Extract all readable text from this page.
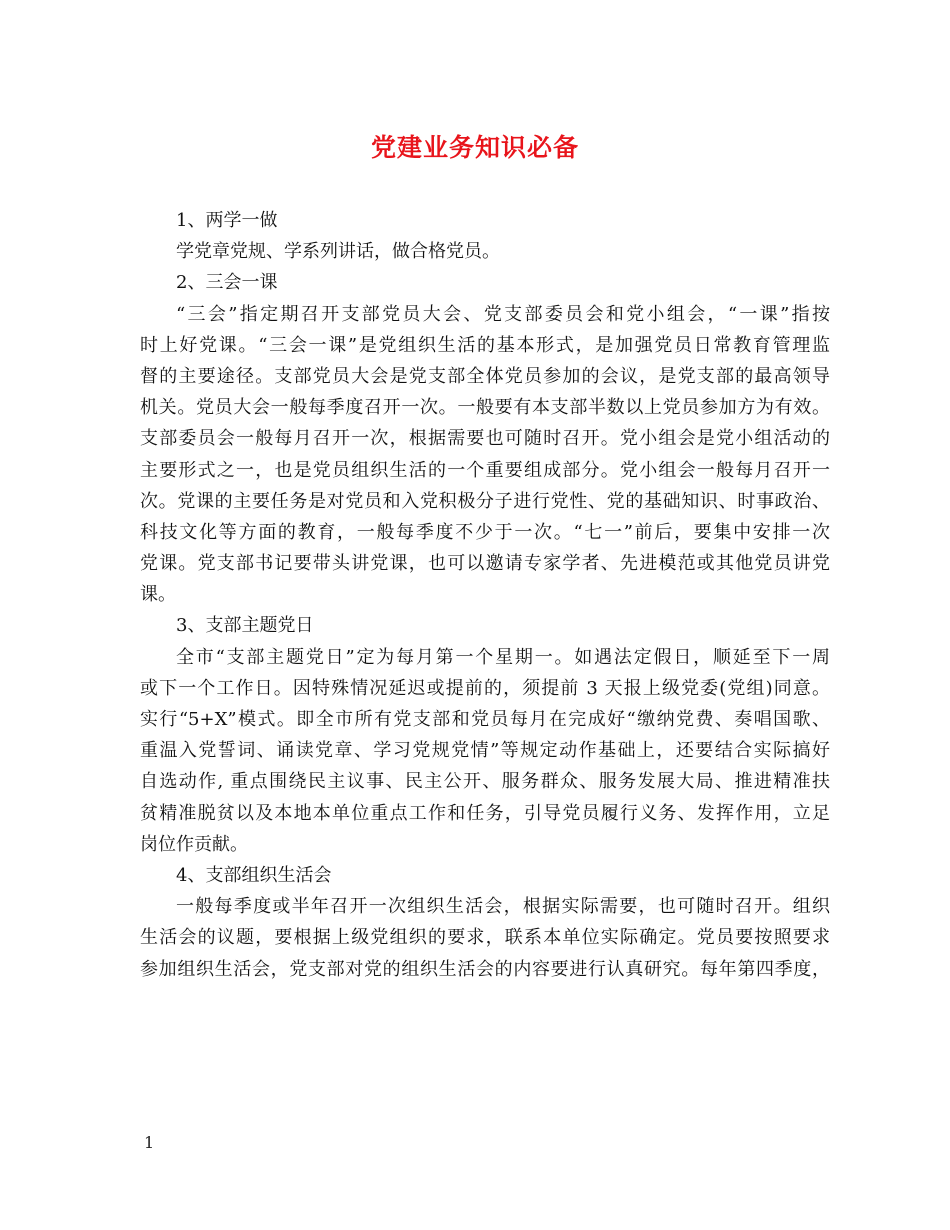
党建业务知识必备
1、两学一做
学党章党规、学系列讲话，做合格党员。
2、三会一课
“三会”指定期召开支部党员大会、党支部委员会和党小组会，“一课”指按
时上好党课。“三会一课”是党组织生活的基本形式，是加强党员日常教育管理监
督的主要途径。支部党员大会是党支部全体党员参加的会议，是党支部的最高领导
机关。党员大会一般每季度召开一次。一般要有本支部半数以上党员参加方为有效。
支部委员会一般每月召开一次，根据需要也可随时召开。党小组会是党小组活动的
主要形式之一，也是党员组织生活的一个重要组成部分。党小组会一般每月召开一
次。党课的主要任务是对党员和入党积极分子进行党性、党的基础知识、时事政治、
科技文化等方面的教育，一般每季度不少于一次。“七一”前后，要集中安排一次
党课。党支部书记要带头讲党课，也可以邀请专家学者、先进模范或其他党员讲党
课。
3、支部主题党日
全市“支部主题党日”定为每月第一个星期一。如遇法定假日，顺延至下一周
或下一个工作日。因特殊情况延迟或提前的，须提前 3 天报上级党委(党组)同意。
实行“5+X”模式。即全市所有党支部和党员每月在完成好“缴纳党费、奏唱国歌、
重温入党誓词、诵读党章、学习党规党情”等规定动作基础上，还要结合实际搞好
自选动作, 重点围绕民主议事、民主公开、服务群众、服务发展大局、推进精准扶
贫精准脱贫以及本地本单位重点工作和任务，引导党员履行义务、发挥作用，立足
岗位作贡献。
4、支部组织生活会
一般每季度或半年召开一次组织生活会，根据实际需要，也可随时召开。组织
生活会的议题，要根据上级党组织的要求，联系本单位实际确定。党员要按照要求
参加组织生活会，党支部对党的组织生活会的内容要进行认真研究。每年第四季度，
1
